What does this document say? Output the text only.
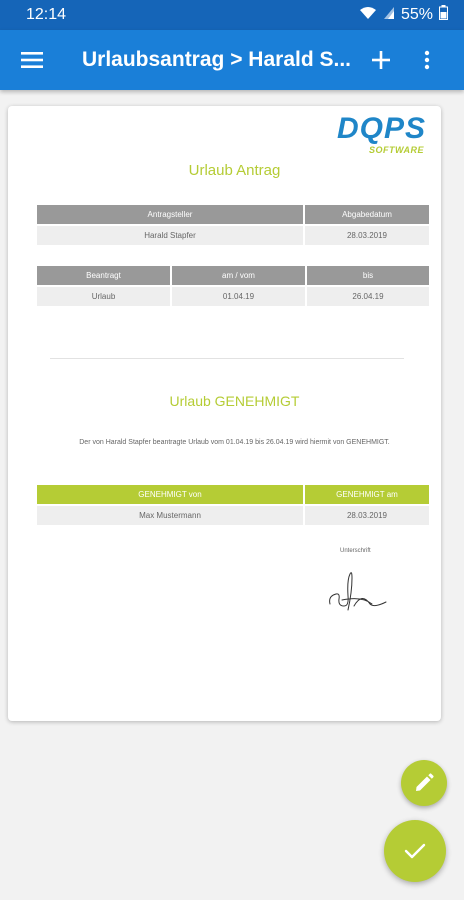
12:14	55%
Urlaubsantrag > Harald S...
DQPS
SOFTWARE
Urlaub Antrag
Antragsteller	Abgabedatum
Harald Stapfer	28.03.2019
Beantragt	am / vom	bis
Urlaub	01.04.19	26.04.19
Urlaub GENEHMIGT
Der von Harald Stapfer beantragte Urlaub vom 01.04.19 bis 26.04.19 wird hiermit von GENEHMIGT.
GENEHMIGT von	GENEHMIGT am
Max Mustermann	28.03.2019
Unterschrift
